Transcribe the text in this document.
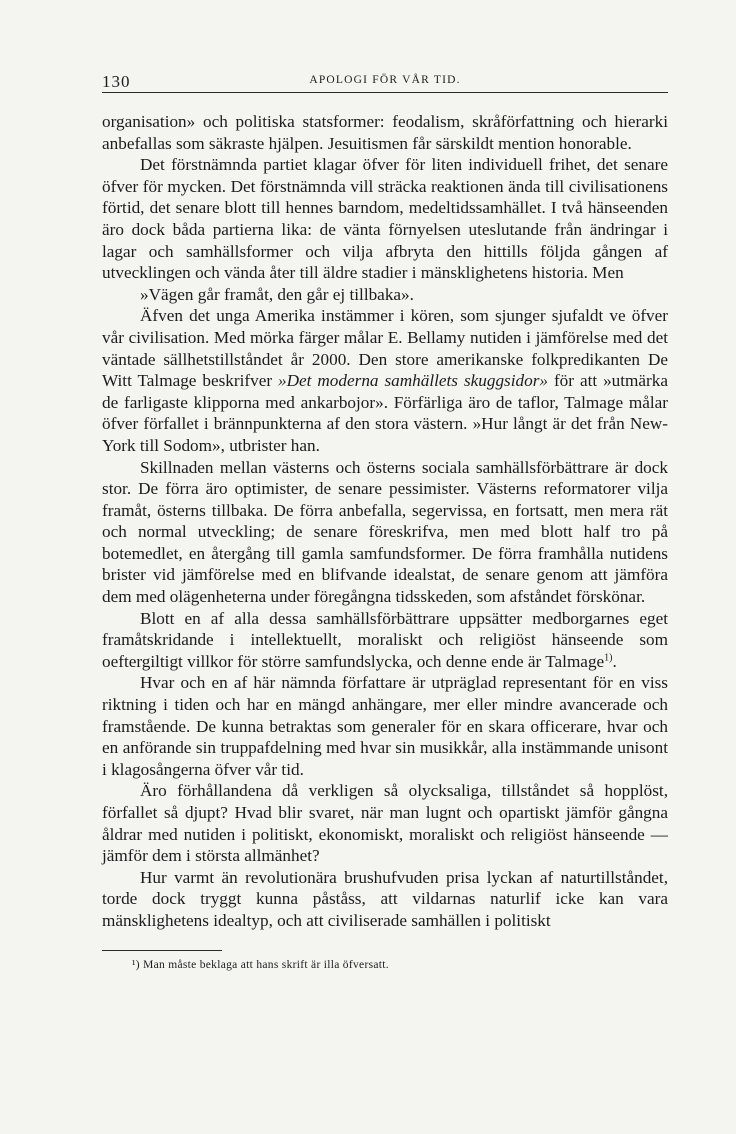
130	APOLOGI FÖR VÅR TID.

organisation» och politiska statsformer: feodalism, skråförfattning och hierarki anbefallas som säkraste hjälpen. Jesuitismen får särskildt mention honorable.

Det förstnämnda partiet klagar öfver för liten individuell frihet, det senare öfver för mycken. Det förstnämnda vill sträcka reaktionen ända till civilisationens förtid, det senare blott till hennes barndom, medeltidssamhället. I två hänseenden äro dock båda partierna lika: de vänta förnyelsen uteslutande från ändringar i lagar och samhällsformer och vilja afbryta den hittills följda gången af utvecklingen och vända åter till äldre stadier i mänsklighetens historia. Men

»Vägen går framåt, den går ej tillbaka».

Äfven det unga Amerika instämmer i kören, som sjunger sjufaldt ve öfver vår civilisation. Med mörka färger målar E. Bellamy nutiden i jämförelse med det väntade sällhetstillståndet år 2000. Den store amerikanske folkpredikanten De Witt Talmage beskrifver »Det moderna samhällets skuggsidor» för att »utmärka de farligaste klipporna med ankarbojor». Förfärliga äro de taflor, Talmage målar öfver förfallet i brännpunkterna af den stora västern. »Hur långt är det från New-York till Sodom», utbrister han.

Skillnaden mellan västerns och österns sociala samhällsförbättrare är dock stor. De förra äro optimister, de senare pessimister. Västerns reformatorer vilja framåt, österns tillbaka. De förra anbefalla, segervissa, en fortsatt, men mera rät och normal utveckling; de senare föreskrifva, men med blott half tro på botemedlet, en återgång till gamla samfundsformer. De förra framhålla nutidens brister vid jämförelse med en blifvande idealstat, de senare genom att jämföra dem med olägenheterna under föregångna tidsskeden, som afståndet förskönar.

Blott en af alla dessa samhällsförbättrare uppsätter medborgarnes eget framåtskridande i intellektuellt, moraliskt och religiöst hänseende som oeftergiltigt villkor för större samfundslycka, och denne ende är Talmage$^{1)}$.

Hvar och en af här nämnda författare är utpräglad representant för en viss riktning i tiden och har en mängd anhängare, mer eller mindre avancerade och framstående. De kunna betraktas som generaler för en skara officerare, hvar och en anförande sin truppafdelning med hvar sin musikkår, alla instämmande unisont i klagosångerna öfver vår tid.

Äro förhållandena då verkligen så olycksaliga, tillståndet så hopplöst, förfallet så djupt? Hvad blir svaret, när man lugnt och opartiskt jämför gångna åldrar med nutiden i politiskt, ekonomiskt, moraliskt och religiöst hänseende — jämför dem i största allmänhet?

Hur varmt än revolutionära brushufvuden prisa lyckan af naturtillståndet, torde dock tryggt kunna påståss, att vildarnas naturlif icke kan vara mänsklighetens idealtyp, och att civiliserade samhällen i politiskt

¹) Man måste beklaga att hans skrift är illa öfversatt.
